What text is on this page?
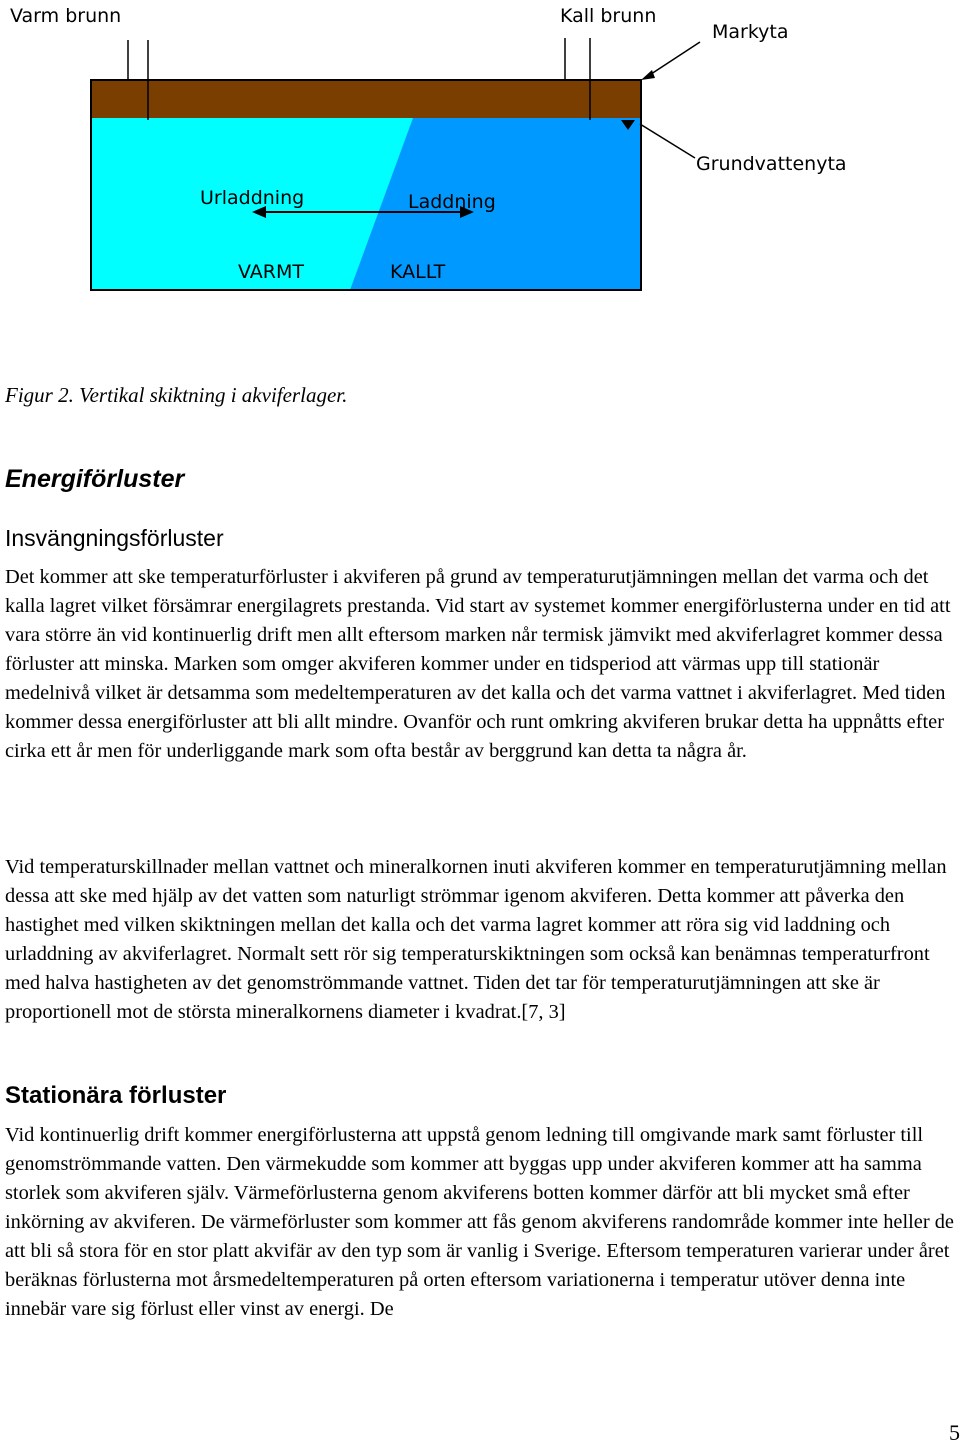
Varm brunn	Kall brunn
Markyta
Grundvattenyta
Urladdning	Laddning
VARMT	KALLT
Figur 2. Vertikal skiktning i akviferlager.
Energiförluster
Insvängningsförluster
Det kommer att ske temperaturförluster i akviferen på grund av temperaturutjämningen mellan det varma och det kalla lagret vilket försämrar energilagrets prestanda. Vid start av systemet kommer energiförlusterna under en tid att vara större än vid kontinuerlig drift men allt eftersom marken når termisk jämvikt med akviferlagret kommer dessa förluster att minska. Marken som omger akviferen kommer under en tidsperiod att värmas upp till stationär medelnivå vilket är detsamma som medeltemperaturen av det kalla och det varma vattnet i akviferlagret. Med tiden kommer dessa energiförluster att bli allt mindre. Ovanför och runt omkring akviferen brukar detta ha uppnåtts efter cirka ett år men för underliggande mark som ofta består av berggrund kan detta ta några år.
Vid temperaturskillnader mellan vattnet och mineralkornen inuti akviferen kommer en temperaturutjämning mellan dessa att ske med hjälp av det vatten som naturligt strömmar igenom akviferen. Detta kommer att påverka den hastighet med vilken skiktningen mellan det kalla och det varma lagret kommer att röra sig vid laddning och urladdning av akviferlagret. Normalt sett rör sig temperaturskiktningen som också kan benämnas temperaturfront med halva hastigheten av det genomströmmande vattnet. Tiden det tar för temperaturutjämningen att ske är proportionell mot de största mineralkornens diameter i kvadrat.[7, 3]
Stationära förluster
Vid kontinuerlig drift kommer energiförlusterna att uppstå genom ledning till omgivande mark samt förluster till genomströmmande vatten. Den värmekudde som kommer att byggas upp under akviferen kommer att ha samma storlek som akviferen själv. Värmeförlusterna genom akviferens botten kommer därför att bli mycket små efter inkörning av akviferen. De värmeförluster som kommer att fås genom akviferens randområde kommer inte heller de att bli så stora för en stor platt akvifär av den typ som är vanlig i Sverige. Eftersom temperaturen varierar under året beräknas förlusterna mot årsmedeltemperaturen på orten eftersom variationerna i temperatur utöver denna inte innebär vare sig förlust eller vinst av energi. De
5
